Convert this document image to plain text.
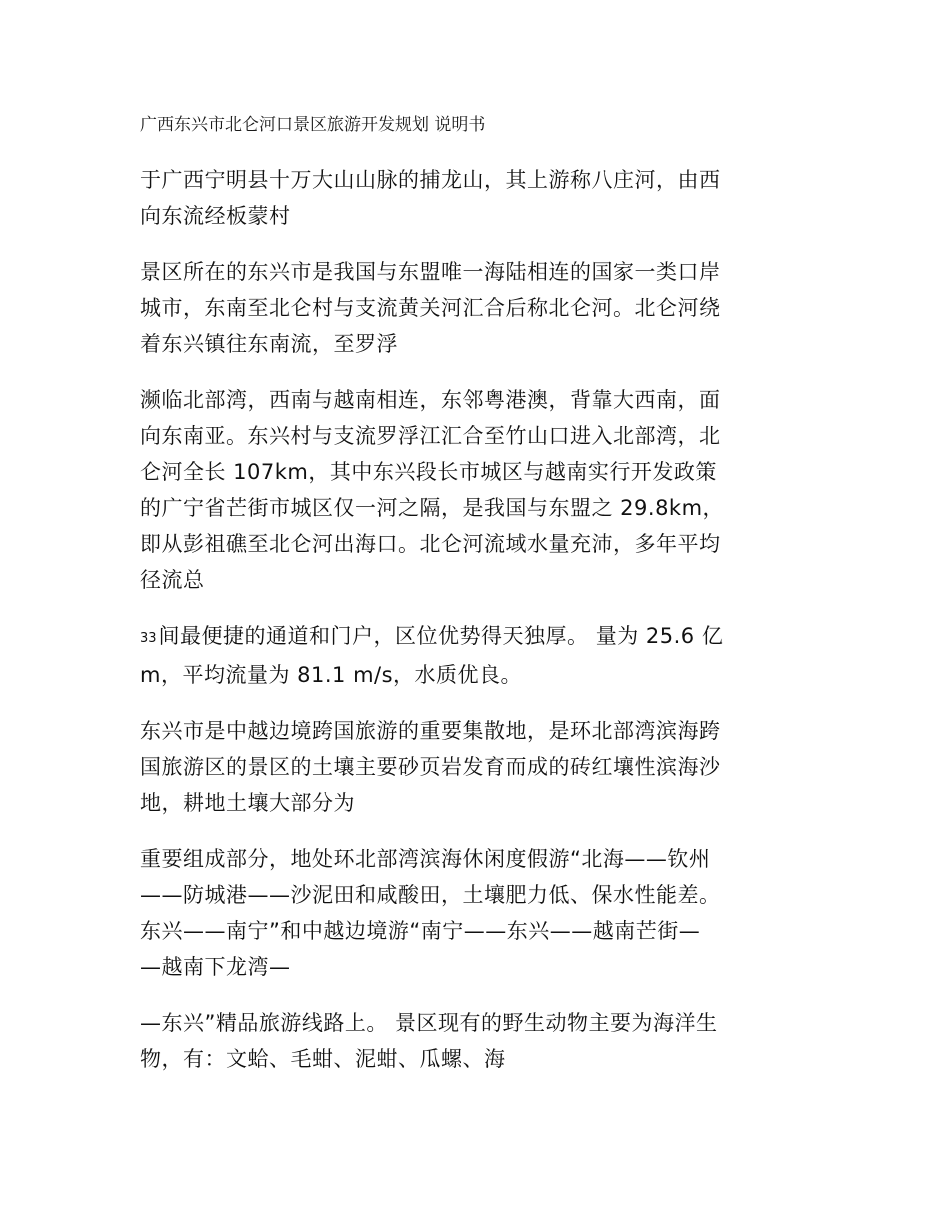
广西东兴市北仑河口景区旅游开发规划 说明书

于广西宁明县十万大山山脉的捕龙山，其上游称八庄河，由西
向东流经板蒙村

景区所在的东兴市是我国与东盟唯一海陆相连的国家一类口岸
城市，东南至北仑村与支流黄关河汇合后称北仑河。北仑河绕
着东兴镇往东南流，至罗浮

濒临北部湾，西南与越南相连，东邻粤港澳，背靠大西南，面
向东南亚。东兴村与支流罗浮江汇合至竹山口进入北部湾，北
仑河全长 107km，其中东兴段长市城区与越南实行开发政策
的广宁省芒街市城区仅一河之隔，是我国与东盟之 29.8km，
即从彭祖礁至北仑河出海口。北仑河流域水量充沛，多年平均
径流总

33间最便捷的通道和门户，区位优势得天独厚。 量为 25.6 亿
m，平均流量为 81.1 m/s，水质优良。

东兴市是中越边境跨国旅游的重要集散地，是环北部湾滨海跨
国旅游区的景区的土壤主要砂页岩发育而成的砖红壤性滨海沙
地，耕地土壤大部分为

重要组成部分，地处环北部湾滨海休闲度假游“北海——钦州
——防城港——沙泥田和咸酸田，土壤肥力低、保水性能差。
东兴——南宁”和中越边境游“南宁——东兴——越南芒街—
—越南下龙湾—

—东兴”精品旅游线路上。 景区现有的野生动物主要为海洋生
物，有：文蛤、毛蚶、泥蚶、瓜螺、海
